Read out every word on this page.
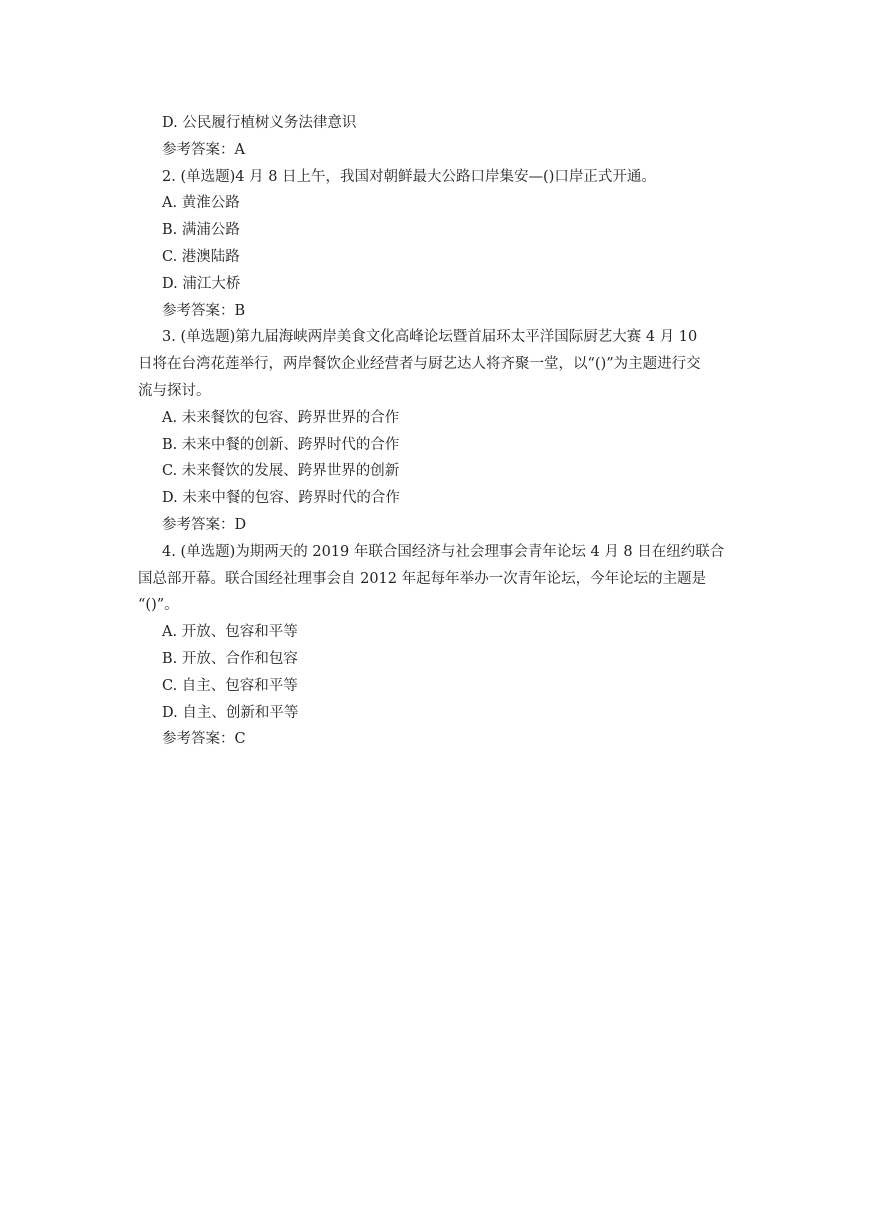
D. 公民履行植树义务法律意识

参考答案：A

2. (单选题)4 月 8 日上午，我国对朝鲜最大公路口岸集安—()口岸正式开通。

A. 黄淮公路

B. 满浦公路

C. 港澳陆路

D. 浦江大桥

参考答案：B

3. (单选题)第九届海峡两岸美食文化高峰论坛暨首届环太平洋国际厨艺大赛 4 月 10

日将在台湾花莲举行，两岸餐饮企业经营者与厨艺达人将齐聚一堂，以“()”为主题进行交

流与探讨。

A. 未来餐饮的包容、跨界世界的合作

B. 未来中餐的创新、跨界时代的合作

C. 未来餐饮的发展、跨界世界的创新

D. 未来中餐的包容、跨界时代的合作

参考答案：D

4. (单选题)为期两天的 2019 年联合国经济与社会理事会青年论坛 4 月 8 日在纽约联合

国总部开幕。联合国经社理事会自 2012 年起每年举办一次青年论坛，今年论坛的主题是

“()”。

A. 开放、包容和平等

B. 开放、合作和包容

C. 自主、包容和平等

D. 自主、创新和平等

参考答案：C
